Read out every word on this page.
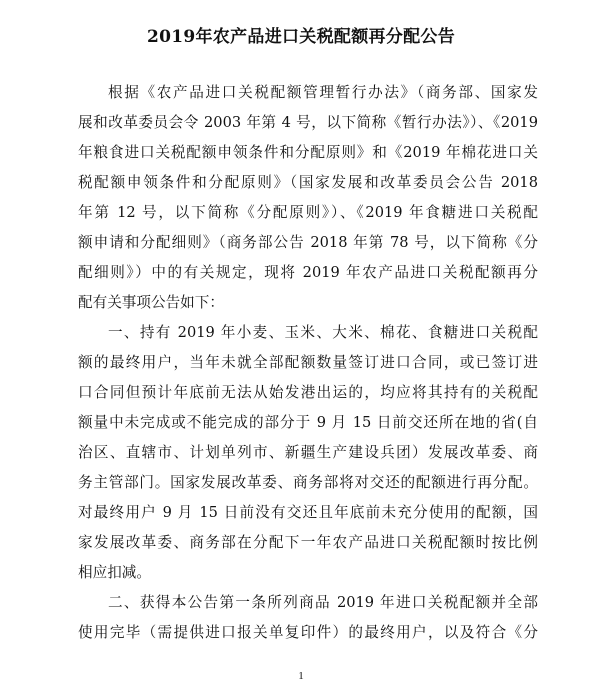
2019年农产品进口关税配额再分配公告
根据《农产品进口关税配额管理暂行办法》（商务部、国家发
展和改革委员会令 2003 年第 4 号，以下简称《暂行办法》）、《2019
年粮食进口关税配额申领条件和分配原则》和《2019 年棉花进口关
税配额申领条件和分配原则》（国家发展和改革委员会公告 2018
年第 12 号，以下简称《分配原则》）、《2019 年食糖进口关税配
额申请和分配细则》（商务部公告 2018 年第 78 号，以下简称《分
配细则》）中的有关规定，现将 2019 年农产品进口关税配额再分
配有关事项公告如下：
一、持有 2019 年小麦、玉米、大米、棉花、食糖进口关税配
额的最终用户，当年未就全部配额数量签订进口合同，或已签订进
口合同但预计年底前无法从始发港出运的，均应将其持有的关税配
额量中未完成或不能完成的部分于 9 月 15 日前交还所在地的省(自
治区、直辖市、计划单列市、新疆生产建设兵团）发展改革委、商
务主管部门。国家发展改革委、商务部将对交还的配额进行再分配。
对最终用户 9 月 15 日前没有交还且年底前未充分使用的配额，国
家发展改革委、商务部在分配下一年农产品进口关税配额时按比例
相应扣减。
二、获得本公告第一条所列商品 2019 年进口关税配额并全部
使用完毕（需提供进口报关单复印件）的最终用户，以及符合《分
1
